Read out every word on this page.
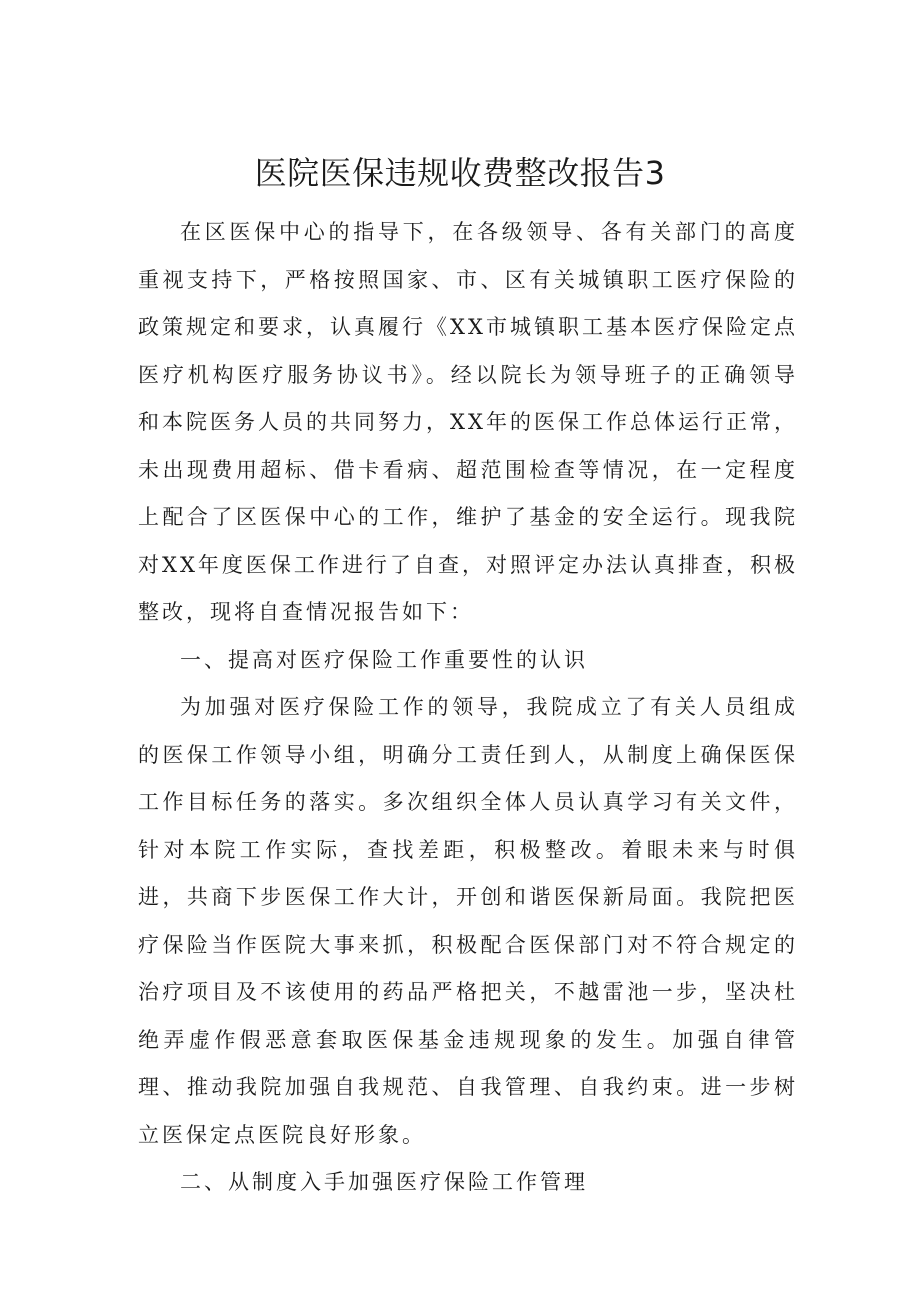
医院医保违规收费整改报告3

在区医保中心的指导下，在各级领导、各有关部门的高度重视支持下，严格按照国家、市、区有关城镇职工医疗保险的政策规定和要求，认真履行《XX市城镇职工基本医疗保险定点医疗机构医疗服务协议书》。经以院长为领导班子的正确领导和本院医务人员的共同努力，XX年的医保工作总体运行正常，未出现费用超标、借卡看病、超范围检查等情况，在一定程度上配合了区医保中心的工作，维护了基金的安全运行。现我院对XX年度医保工作进行了自查，对照评定办法认真排查，积极整改，现将自查情况报告如下：

一、提高对医疗保险工作重要性的认识

为加强对医疗保险工作的领导，我院成立了有关人员组成的医保工作领导小组，明确分工责任到人，从制度上确保医保工作目标任务的落实。多次组织全体人员认真学习有关文件，针对本院工作实际，查找差距，积极整改。着眼未来与时俱进，共商下步医保工作大计，开创和谐医保新局面。我院把医疗保险当作医院大事来抓，积极配合医保部门对不符合规定的治疗项目及不该使用的药品严格把关，不越雷池一步，坚决杜绝弄虚作假恶意套取医保基金违规现象的发生。加强自律管理、推动我院加强自我规范、自我管理、自我约束。进一步树立医保定点医院良好形象。

二、从制度入手加强医疗保险工作管理
